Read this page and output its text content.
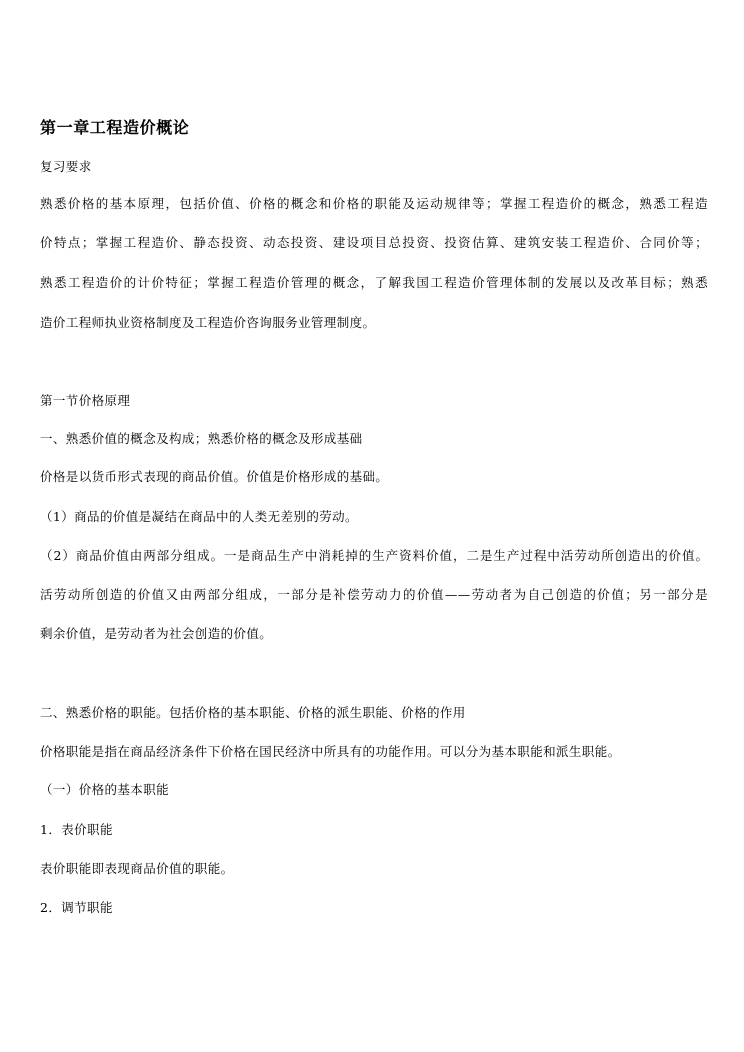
第一章工程造价概论
复习要求
熟悉价格的基本原理，包括价值、价格的概念和价格的职能及运动规律等；掌握工程造价的概念，熟悉工程造
价特点；掌握工程造价、静态投资、动态投资、建设项目总投资、投资估算、建筑安装工程造价、合同价等；
熟悉工程造价的计价特征；掌握工程造价管理的概念，了解我国工程造价管理体制的发展以及改革目标；熟悉
造价工程师执业资格制度及工程造价咨询服务业管理制度。
第一节价格原理
一、熟悉价值的概念及构成；熟悉价格的概念及形成基础
价格是以货币形式表现的商品价值。价值是价格形成的基础。
（1）商品的价值是凝结在商品中的人类无差别的劳动。
（2）商品价值由两部分组成。一是商品生产中消耗掉的生产资料价值，二是生产过程中活劳动所创造出的价值。
活劳动所创造的价值又由两部分组成，一部分是补偿劳动力的价值——劳动者为自己创造的价值；另一部分是
剩余价值，是劳动者为社会创造的价值。
二、熟悉价格的职能。包括价格的基本职能、价格的派生职能、价格的作用
价格职能是指在商品经济条件下价格在国民经济中所具有的功能作用。可以分为基本职能和派生职能。
（一）价格的基本职能
1．表价职能
表价职能即表现商品价值的职能。
2．调节职能
